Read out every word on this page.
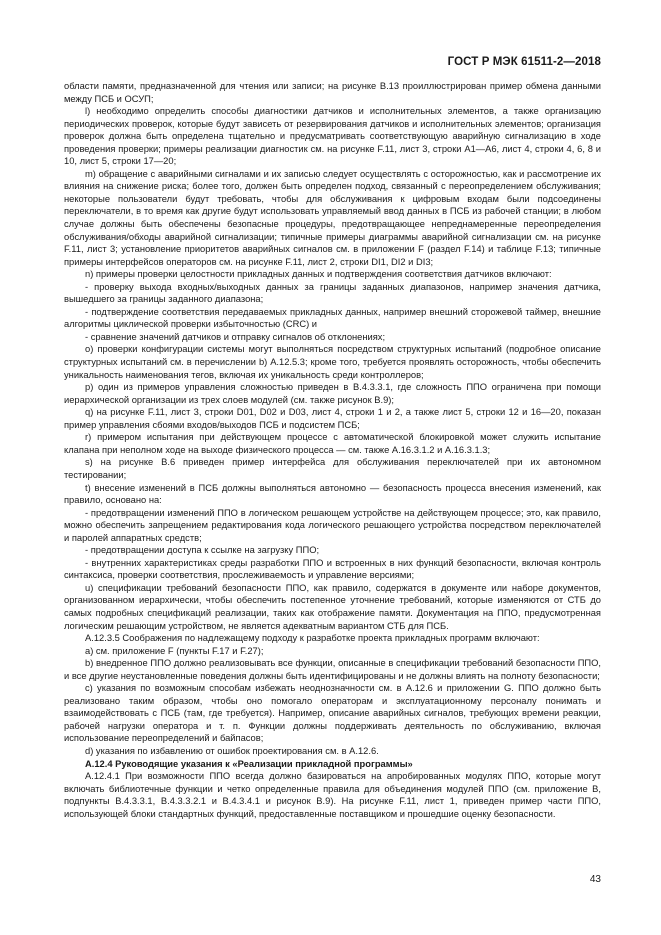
ГОСТ Р МЭК 61511-2—2018

области памяти, предназначенной для чтения или записи; на рисунке В.13 проиллюстрирован пример обмена данными между ПСБ и ОСУП;

l) необходимо определить способы диагностики датчиков и исполнительных элементов, а также организацию периодических проверок, которые будут зависеть от резервирования датчиков и исполнительных элементов; организация проверок должна быть определена тщательно и предусматривать соответствующую аварийную сигнализацию в ходе проведения проверки; примеры реализации диагностик см. на рисунке F.11, лист 3, строки А1—А6, лист 4, строки 4, 6, 8 и 10, лист 5, строки 17—20;

m) обращение с аварийными сигналами и их записью следует осуществлять с осторожностью, как и рассмотрение их влияния на снижение риска; более того, должен быть определен подход, связанный с переопределением обслуживания; некоторые пользователи будут требовать, чтобы для обслуживания к цифровым входам были подсоединены переключатели, в то время как другие будут использовать управляемый ввод данных в ПСБ из рабочей станции; в любом случае должны быть обеспечены безопасные процедуры, предотвращающее непреднамеренные переопределения обслуживания/обходы аварийной сигнализации; типичные примеры диаграммы аварийной сигнализации см. на рисунке F.11, лист 3; установление приоритетов аварийных сигналов см. в приложении F (раздел F.14) и таблице F.13; типичные примеры интерфейсов операторов см. на рисунке F.11, лист 2, строки DI1, DI2 и DI3;

n) примеры проверки целостности прикладных данных и подтверждения соответствия датчиков включают:

- проверку выхода входных/выходных данных за границы заданных диапазонов, например значения датчика, вышедшего за границы заданного диапазона;

- подтверждение соответствия передаваемых прикладных данных, например внешний сторожевой таймер, внешние алгоритмы циклической проверки избыточностью (CRC) и

- сравнение значений датчиков и отправку сигналов об отклонениях;

o) проверки конфигурации системы могут выполняться посредством структурных испытаний (подробное описание структурных испытаний см. в перечислении b) А.12.5.3; кроме того, требуется проявлять осторожность, чтобы обеспечить уникальность наименования тегов, включая их уникальность среди контроллеров;

p) один из примеров управления сложностью приведен в В.4.3.3.1, где сложность ППО ограничена при помощи иерархической организации из трех слоев модулей (см. также рисунок В.9);

q) на рисунке F.11, лист 3, строки D01, D02 и D03, лист 4, строки 1 и 2, а также лист 5, строки 12 и 16—20, показан пример управления сбоями входов/выходов ПСБ и подсистем ПСБ;

r) примером испытания при действующем процессе с автоматической блокировкой может служить испытание клапана при неполном ходе на выходе физического процесса — см. также А.16.3.1.2 и А.16.3.1.3;

s) на рисунке В.6 приведен пример интерфейса для обслуживания переключателей при их автономном тестировании;

t) внесение изменений в ПСБ должны выполняться автономно — безопасность процесса внесения изменений, как правило, основано на:

- предотвращении изменений ППО в логическом решающем устройстве на действующем процессе; это, как правило, можно обеспечить запрещением редактирования кода логического решающего устройства посредством переключателей и паролей аппаратных средств;

- предотвращении доступа к ссылке на загрузку ППО;

- внутренних характеристиках среды разработки ППО и встроенных в них функций безопасности, включая контроль синтаксиса, проверки соответствия, прослеживаемость и управление версиями;

u) спецификации требований безопасности ППО, как правило, содержатся в документе или наборе документов, организованном иерархически, чтобы обеспечить постепенное уточнение требований, которые изменяются от СТБ до самых подробных спецификаций реализации, таких как отображение памяти. Документация на ППО, предусмотренная логическим решающим устройством, не является адекватным вариантом СТБ для ПСБ.

А.12.3.5 Соображения по надлежащему подходу к разработке проекта прикладных программ включают:

а) см. приложение F (пункты F.17 и F.27);

b) внедренное ППО должно реализовывать все функции, описанные в спецификации требований безопасности ППО, и все другие неустановленные поведения должны быть идентифицированы и не должны влиять на полноту безопасности;

c) указания по возможным способам избежать неоднозначности см. в А.12.6 и приложении G. ППО должно быть реализовано таким образом, чтобы оно помогало операторам и эксплуатационному персоналу понимать и взаимодействовать с ПСБ (там, где требуется). Например, описание аварийных сигналов, требующих времени реакции, рабочей нагрузки оператора и т. п. Функции должны поддерживать деятельность по обслуживанию, включая использование переопределений и байпасов;

d) указания по избавлению от ошибок проектирования см. в А.12.6.

А.12.4 Руководящие указания к «Реализации прикладной программы»

А.12.4.1 При возможности ППО всегда должно базироваться на апробированных модулях ППО, которые могут включать библиотечные функции и четко определенные правила для объединения модулей ППО (см. приложение В, подпункты В.4.3.3.1, В.4.3.3.2.1 и В.4.3.4.1 и рисунок В.9). На рисунке F.11, лист 1, приведен пример части ППО, использующей блоки стандартных функций, предоставленные поставщиком и прошедшие оценку безопасности.

43
